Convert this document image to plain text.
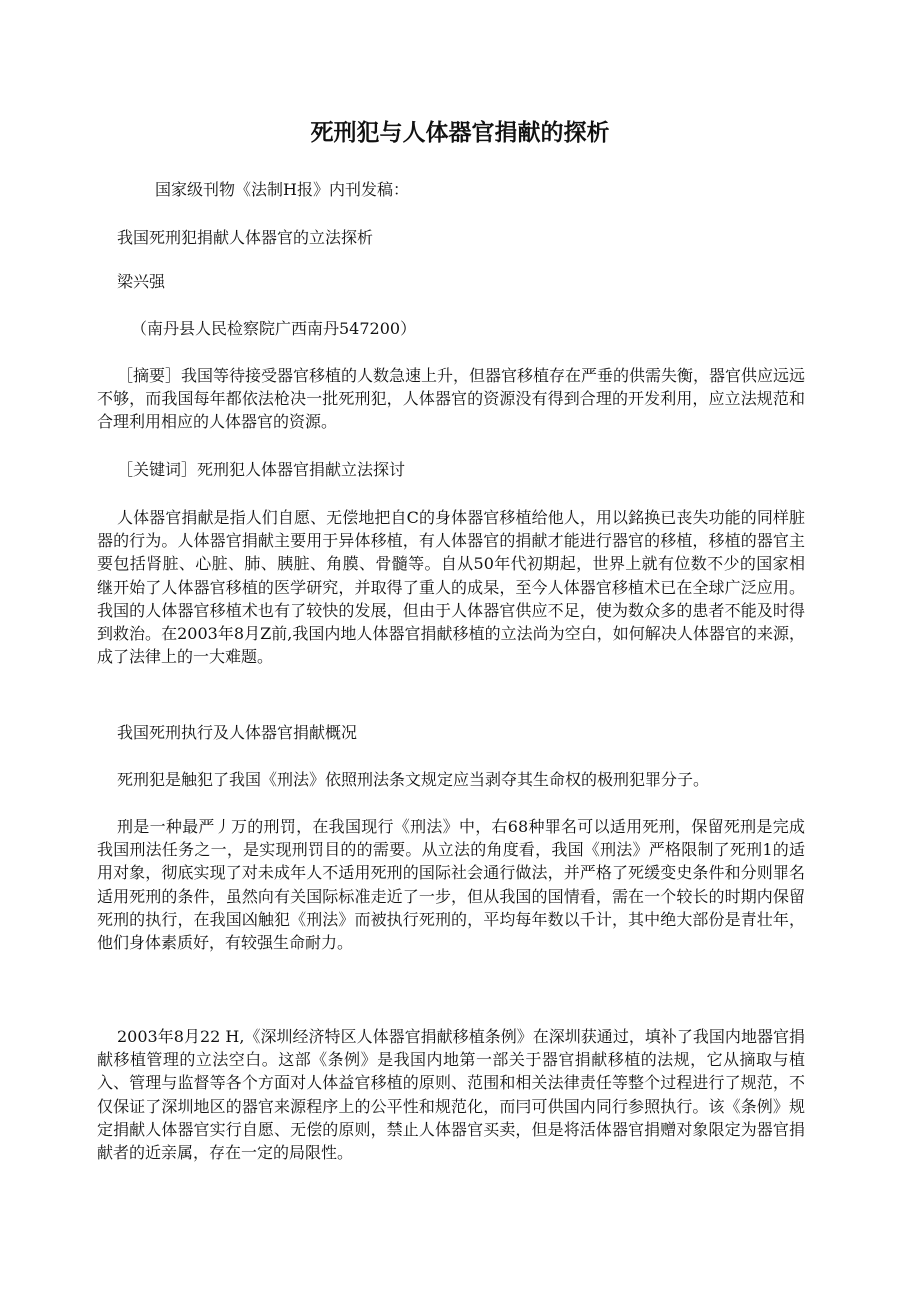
死刑犯与人体器官捐献的探析

国家级刊物《法制H报》内刊发稿：

我国死刑犯捐献人体器官的立法探析

梁兴强

（南丹县人民检察院广西南丹547200）

［摘要］我国等待接受器官移植的人数急速上升，但器官移植存在严垂的供需失衡，器官供应远远不够，而我国每年都依法枪决一批死刑犯，人体器官的资源没有得到合理的开发利用，应立法规范和合理利用相应的人体器官的资源。

［关键词］死刑犯人体器官捐献立法探讨

人体器官捐献是指人们自愿、无偿地把自C的身体器官移植给他人，用以銘换已丧失功能的同样脏器的行为。人体器官捐献主要用于异体移植，有人体器官的捐献才能进行器官的移植，移植的器官主要包括肾脏、心脏、肺、胰脏、角膜、骨髓等。自从50年代初期起，世界上就有位数不少的国家相继开始了人体器官移植的医学研究，并取得了重人的成杲，至今人体器官移植术已在全球广泛应用。我国的人体器官移植术也有了较快的发展，但由于人体器官供应不足，使为数众多的患者不能及时得到救治。在2003年8月Z前,我国内地人体器官捐献移植的立法尚为空白，如何解决人体器官的来源，成了法律上的一大难题。

我国死刑执行及人体器官捐献概况

死刑犯是触犯了我国《刑法》依照刑法条文规定应当剥夺其生命权的极刑犯罪分子。

刑是一种最严丿万的刑罚，在我国现行《刑法》中，右68种罪名可以适用死刑，保留死刑是完成我国刑法任务之一，是实现刑罚目的的需要。从立法的角度看，我国《刑法》严格限制了死刑1的适用对象，彻底实现了对未成年人不适用死刑的国际社会通行做法，并严格了死缓变史条件和分则罪名适用死刑的条件，虽然向有关国际标准走近了一步，但从我国的国情看，需在一个较长的时期内保留死刑的执行，在我国凶触犯《刑法》而被执行死刑的，平均每年数以千计，其中绝大部份是青壮年，他们身体素质好，有较强生命耐力。

2003年8月22 H,《深圳经济特区人体器官捐献移植条例》在深圳获通过，填补了我国内地器官捐献移植管理的立法空白。这部《条例》是我国内地第一部关于器官捐献移植的法规，它从摘取与植入、管理与监督等各个方面对人体益官移植的原则、范围和相关法律责任等整个过程进行了规范，不仅保证了深圳地区的器官来源程序上的公平性和规范化，而冃可供国内同行参照执行。该《条例》规定捐献人体器官实行自愿、无偿的原则，禁止人体器官买卖，但是将活体器官捐赠对象限定为器官捐献者的近亲属，存在一定的局限性。
